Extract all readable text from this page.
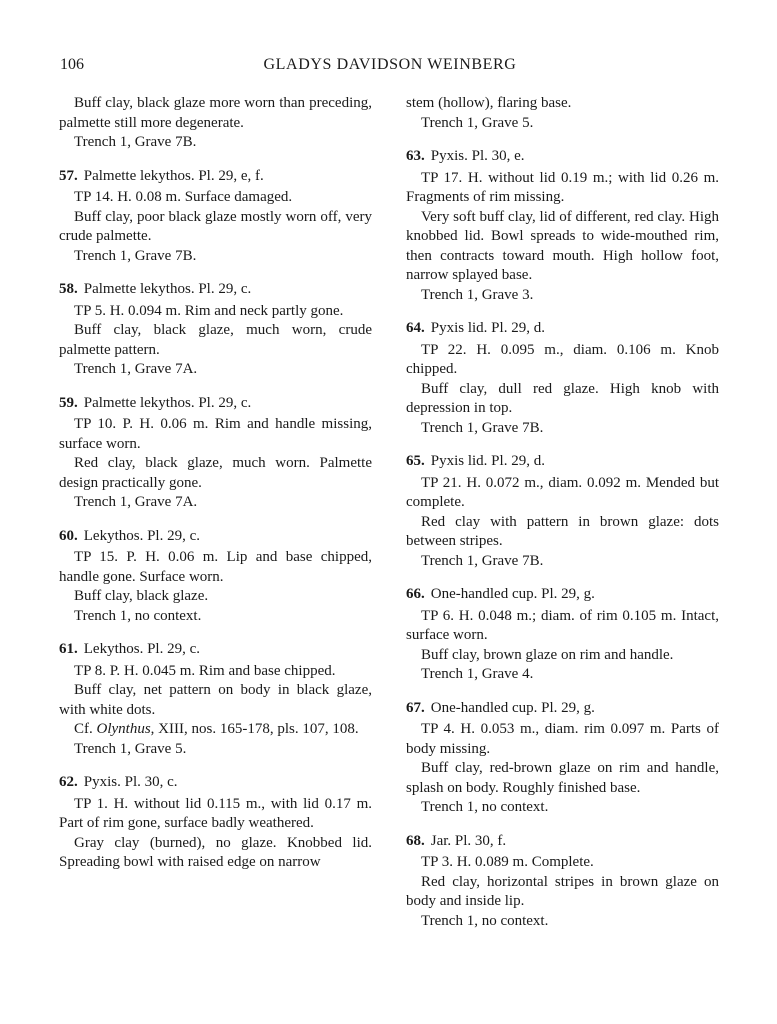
106	GLADYS DAVIDSON WEINBERG

Buff clay, black glaze more worn than preceding, palmette still more degenerate.

Trench 1, Grave 7B.

57. Palmette lekythos. Pl. 29, e, f.

TP 14. H. 0.08 m. Surface damaged.

Buff clay, poor black glaze mostly worn off, very crude palmette.

Trench 1, Grave 7B.

58. Palmette lekythos. Pl. 29, c.

TP 5. H. 0.094 m. Rim and neck partly gone.

Buff clay, black glaze, much worn, crude palmette pattern.

Trench 1, Grave 7A.

59. Palmette lekythos. Pl. 29, c.

TP 10. P. H. 0.06 m. Rim and handle missing, surface worn.

Red clay, black glaze, much worn. Palmette design practically gone.

Trench 1, Grave 7A.

60. Lekythos. Pl. 29, c.

TP 15. P. H. 0.06 m. Lip and base chipped, handle gone. Surface worn.

Buff clay, black glaze.

Trench 1, no context.

61. Lekythos. Pl. 29, c.

TP 8. P. H. 0.045 m. Rim and base chipped.

Buff clay, net pattern on body in black glaze, with white dots.

Cf. Olynthus, XIII, nos. 165-178, pls. 107, 108.

Trench 1, Grave 5.

62. Pyxis. Pl. 30, c.

TP 1. H. without lid 0.115 m., with lid 0.17 m. Part of rim gone, surface badly weathered.

Gray clay (burned), no glaze. Knobbed lid. Spreading bowl with raised edge on narrow

stem (hollow), flaring base.

Trench 1, Grave 5.

63. Pyxis. Pl. 30, e.

TP 17. H. without lid 0.19 m.; with lid 0.26 m. Fragments of rim missing.

Very soft buff clay, lid of different, red clay. High knobbed lid. Bowl spreads to wide-mouthed rim, then contracts toward mouth. High hollow foot, narrow splayed base.

Trench 1, Grave 3.

64. Pyxis lid. Pl. 29, d.

TP 22. H. 0.095 m., diam. 0.106 m. Knob chipped.

Buff clay, dull red glaze. High knob with depression in top.

Trench 1, Grave 7B.

65. Pyxis lid. Pl. 29, d.

TP 21. H. 0.072 m., diam. 0.092 m. Mended but complete.

Red clay with pattern in brown glaze: dots between stripes.

Trench 1, Grave 7B.

66. One-handled cup. Pl. 29, g.

TP 6. H. 0.048 m.; diam. of rim 0.105 m. Intact, surface worn.

Buff clay, brown glaze on rim and handle.

Trench 1, Grave 4.

67. One-handled cup. Pl. 29, g.

TP 4. H. 0.053 m., diam. rim 0.097 m. Parts of body missing.

Buff clay, red-brown glaze on rim and handle, splash on body. Roughly finished base.

Trench 1, no context.

68. Jar. Pl. 30, f.

TP 3. H. 0.089 m. Complete.

Red clay, horizontal stripes in brown glaze on body and inside lip.

Trench 1, no context.
